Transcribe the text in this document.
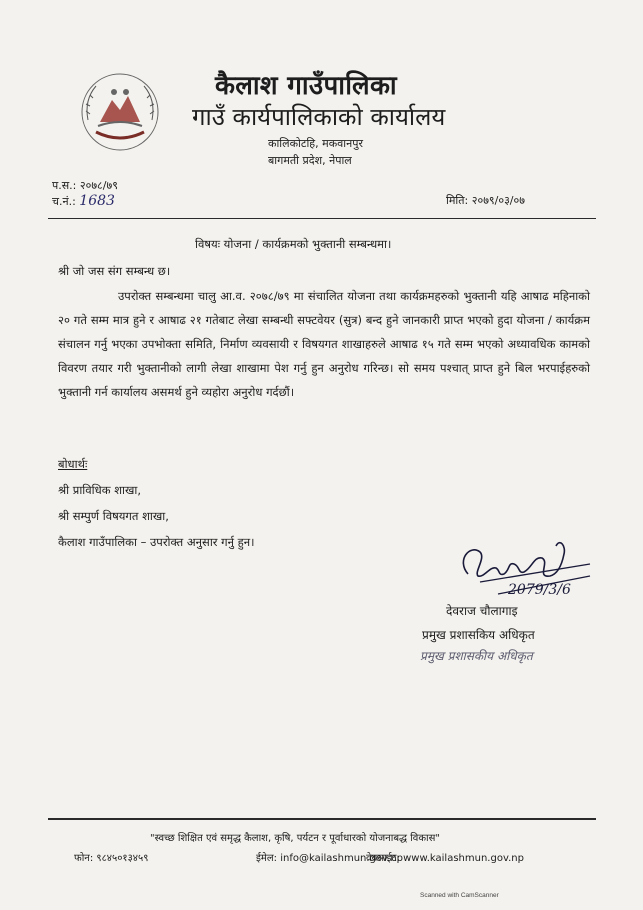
कैलाश गाउँपालिका
गाउँ कार्यपालिकाको कार्यालय
कालिकोटहि, मकवानपुर
बागमती प्रदेश, नेपाल
प.स.: २०७८/७९
च.नं.: 1683	मिति: २०७९/०३/०७
विषयः योजना / कार्यक्रमको भुक्तानी सम्बन्धमा।
श्री जो जस संग सम्बन्ध छ।
उपरोक्त सम्बन्धमा चालु आ.व. २०७८/७९ मा संचालित योजना तथा कार्यक्रमहरुको भुक्तानी यहि आषाढ महिनाको २० गते सम्म मात्र हुने र आषाढ २१ गतेबाट लेखा सम्बन्धी सफ्टवेयर (सुत्र) बन्द हुने जानकारी प्राप्त भएको हुदा योजना / कार्यक्रम संचालन गर्नु भएका उपभोक्ता समिति, निर्माण व्यवसायी र विषयगत शाखाहरुले आषाढ १५ गते सम्म भएको अध्यावधिक कामको विवरण तयार गरी भुक्तानीको लागी लेखा शाखामा पेश गर्नु हुन अनुरोध गरिन्छ। सो समय पश्चात् प्राप्त हुने बिल भरपाईहरुको भुक्तानी गर्न कार्यालय असमर्थ हुने व्यहोरा अनुरोध गर्दछौं।
बोधार्थः
श्री प्राविधिक शाखा,
श्री सम्पुर्ण विषयगत शाखा,
कैलाश गाउँपालिका – उपरोक्त अनुसार गर्नु हुन।
2079/3/6
देवराज चौलागाइ
प्रमुख प्रशासकिय अधिकृत
प्रमुख प्रशासकीय अधिकृत
"स्वच्छ शिक्षित एवं समृद्ध कैलाश, कृषि, पर्यटन र पूर्वाधारको योजनाबद्ध विकास"
फोन: ९८४५०१३४५९	ईमेल: info@kailashmun.gov.np
वेबसाईट: www.kailashmun.gov.np
Scanned with CamScanner
